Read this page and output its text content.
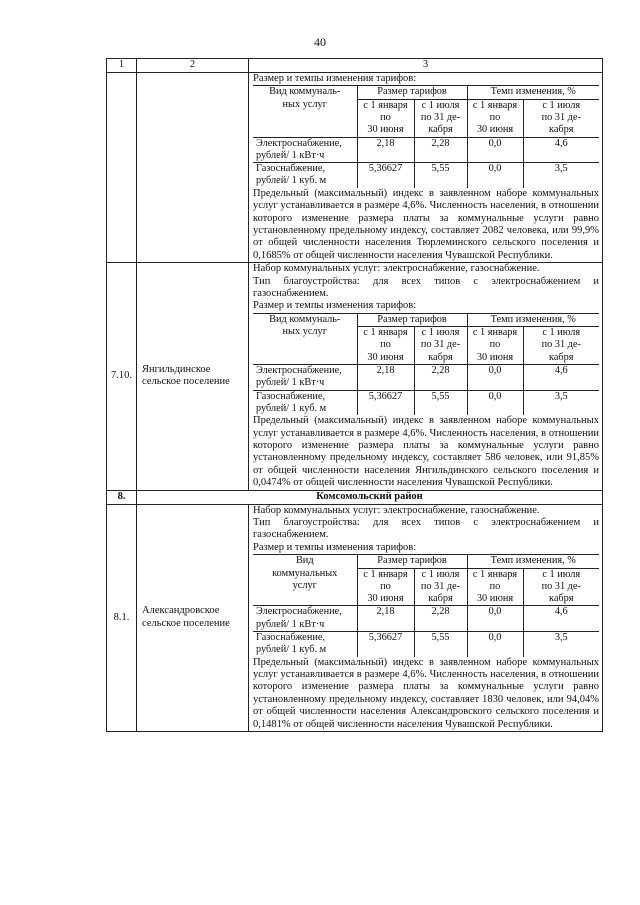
40
1	2	3

Размер и темпы изменения тарифов:
Вид коммуналь-
ных услуг	Размер тарифов	Темп изменения, %
с 1 января
по
30 июня	с 1 июля
по 31 де-
кабря	с 1 января
по
30 июня	с 1 июля
по 31 де-
кабря
Электроснабжение, рублей/ 1 кВт·ч	2,18	2,28	0,0	4,6
Газоснабжение, рублей/ 1 куб. м	5,36627	5,55	0,0	3,5
Предельный (максимальный) индекс в заявленном наборе коммунальных услуг устанавливается в размере 4,6%. Численность населения, в отношении которого изменение размера платы за коммунальные услуги равно установленному предельному индексу, составляет 2082 человека, или 99,9% от общей численности населения Тюрлеминского сельского поселения и 0,1685% от общей численности населения Чувашской Республики.

7.10.	Янгильдинское сельское поселение	
Набор коммунальных услуг: электроснабжение, газоснабжение.
Тип благоустройства: для всех типов с электроснабжением и газоснабжением.
Размер и темпы изменения тарифов:
Вид коммуналь-
ных услуг	Размер тарифов	Темп изменения, %
с 1 января
по
30 июня	с 1 июля
по 31 де-
кабря	с 1 января
по
30 июня	с 1 июля
по 31 де-
кабря
Электроснабжение, рублей/ 1 кВт·ч	2,18	2,28	0,0	4,6
Газоснабжение, рублей/ 1 куб. м	5,36627	5,55	0,0	3,5
Предельный (максимальный) индекс в заявленном наборе коммунальных услуг устанавливается в размере 4,6%. Численность населения, в отношении которого изменение размера платы за коммунальные услуги равно установленному предельному индексу, составляет 586 человек, или 91,85% от общей численности населения Янгильдинского сельского поселения и 0,0474% от общей численности населения Чувашской Республики.

8.	Комсомольский район
8.1.	Александровское сельское поселение	
Набор коммунальных услуг: электроснабжение, газоснабжение.
Тип благоустройства: для всех типов с электроснабжением и газоснабжением.
Размер и темпы изменения тарифов:
Вид
коммунальных
услуг	Размер тарифов	Темп изменения, %
с 1 января
по
30 июня	с 1 июля
по 31 де-
кабря	с 1 января
по
30 июня	с 1 июля
по 31 де-
кабря
Электроснабжение, рублей/ 1 кВт·ч	2,18	2,28	0,0	4,6
Газоснабжение, рублей/ 1 куб. м	5,36627	5,55	0,0	3,5
Предельный (максимальный) индекс в заявленном наборе коммунальных услуг устанавливается в размере 4,6%. Численность населения, в отношении которого изменение размера платы за коммунальные услуги равно установленному предельному индексу, составляет 1830 человек, или 94,04% от общей численности населения Александровского сельского поселения и 0,1481% от общей численности населения Чувашской Республики.
